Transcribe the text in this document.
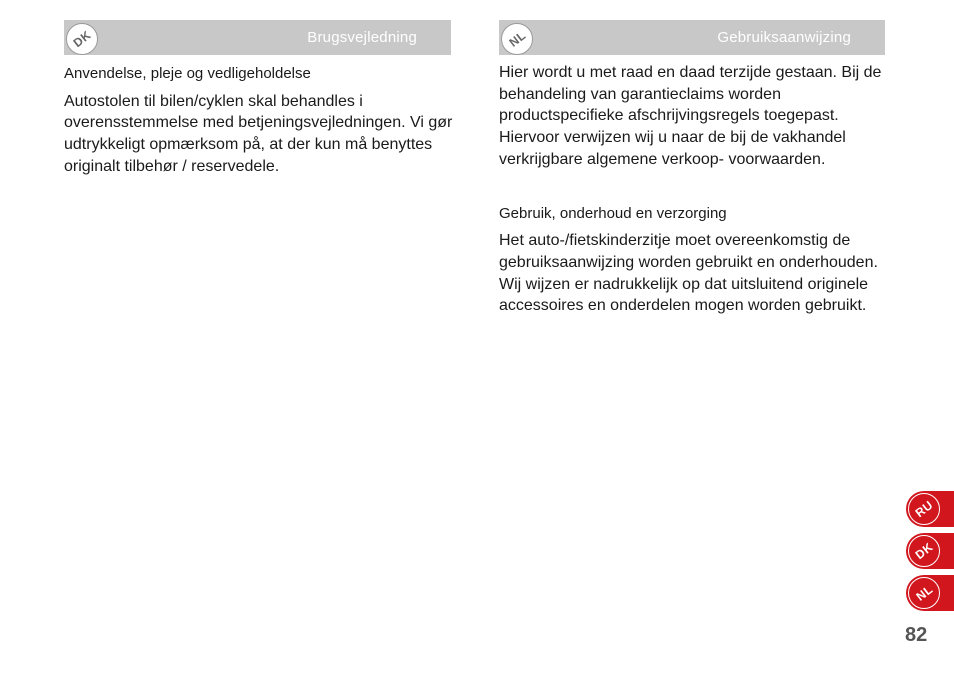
Brugsvejledning
DK	Gebruiksaanwijzing
NL

Anvendelse, pleje og vedligeholdelse

Autostolen til bilen/cyklen skal behandles i overensstemmelse med betjeningsvejledningen. Vi gør udtrykkeligt opmærksom på, at der kun må benyttes originalt tilbehør / reservedele.

Hier wordt u met raad en daad terzijde gestaan. Bij de behandeling van garantieclaims worden productspecifieke afschrijvingsregels toegepast. Hiervoor verwijzen wij u naar de bij de vakhandel verkrijgbare algemene verkoop- voorwaarden.

Gebruik, onderhoud en verzorging

Het auto-/fietskinderzitje moet overeenkomstig de gebruiksaanwijzing worden gebruikt en onderhouden. Wij wijzen er nadrukkelijk op dat uitsluitend originele accessoires en onderdelen mogen worden gebruikt.

RU
DK
NL
82
